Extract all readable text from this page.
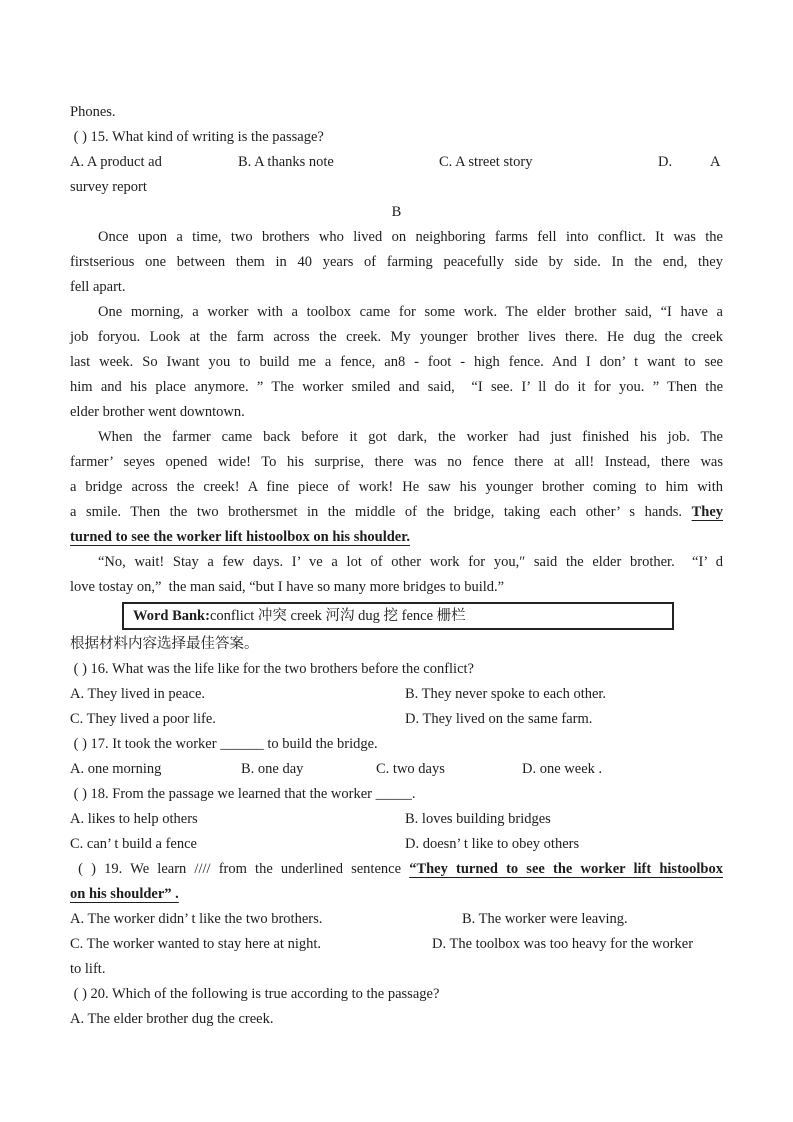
Phones.
( ) 15. What kind of writing is the passage?
A. A product ad	B. A thanks note	C. A street story	D.	A
survey report
B
Once upon a time, two brothers who lived on neighboring farms fell into conflict. It was the
firstserious one between them in 40 years of farming peacefully side by side. In the end, they
fell apart.
One morning, a worker with a toolbox came for some work. The elder brother said, “I have a
job foryou. Look at the farm across the creek. My younger brother lives there. He dug the creek
last week. So Iwant you to build me a fence, an8 - foot - high fence. And I don’ t want to see
him and his place anymore. ” The worker smiled and said,  “I see. I’ ll do it for you. ” Then the
elder brother went downtown.
When the farmer came back before it got dark, the worker had just finished his job. The
farmer’ seyes opened wide! To his surprise, there was no fence there at all! Instead, there was
a bridge across the creek! A fine piece of work! He saw his younger brother coming to him with
a smile. Then the two brothersmet in the middle of the bridge, taking each other’ s hands. They
turned to see the worker lift histoolbox on his shoulder.
“No, wait! Stay a few days. I’ ve a lot of other work for you,″ said the elder brother.  “I’ d
love tostay on,”  the man said, “but I have so many more bridges to build.”
Word Bank:conflict 冲突 creek 河沟 dug 挖 fence 栅栏
根据材料内容选择最佳答案。
( ) 16. What was the life like for the two brothers before the conflict?
A. They lived in peace.	B. They never spoke to each other.
C. They lived a poor life.	D. They lived on the same farm.
( ) 17. It took the worker ______ to build the bridge.
A. one morning	B. one day	C. two days	D. one week .
( ) 18. From the passage we learned that the worker _____.
A. likes to help others	B. loves building bridges
C. can’ t build a fence	D. doesn’ t like to obey others
( ) 19. We learn //// from the underlined sentence “They turned to see the worker lift histoolbox
on his shoulder” .
A. The worker didn’ t like the two brothers.	B. The worker were leaving.
C. The worker wanted to stay here at night.	D. The toolbox was too heavy for the worker
to lift.
( ) 20. Which of the following is true according to the passage?
A. The elder brother dug the creek.
